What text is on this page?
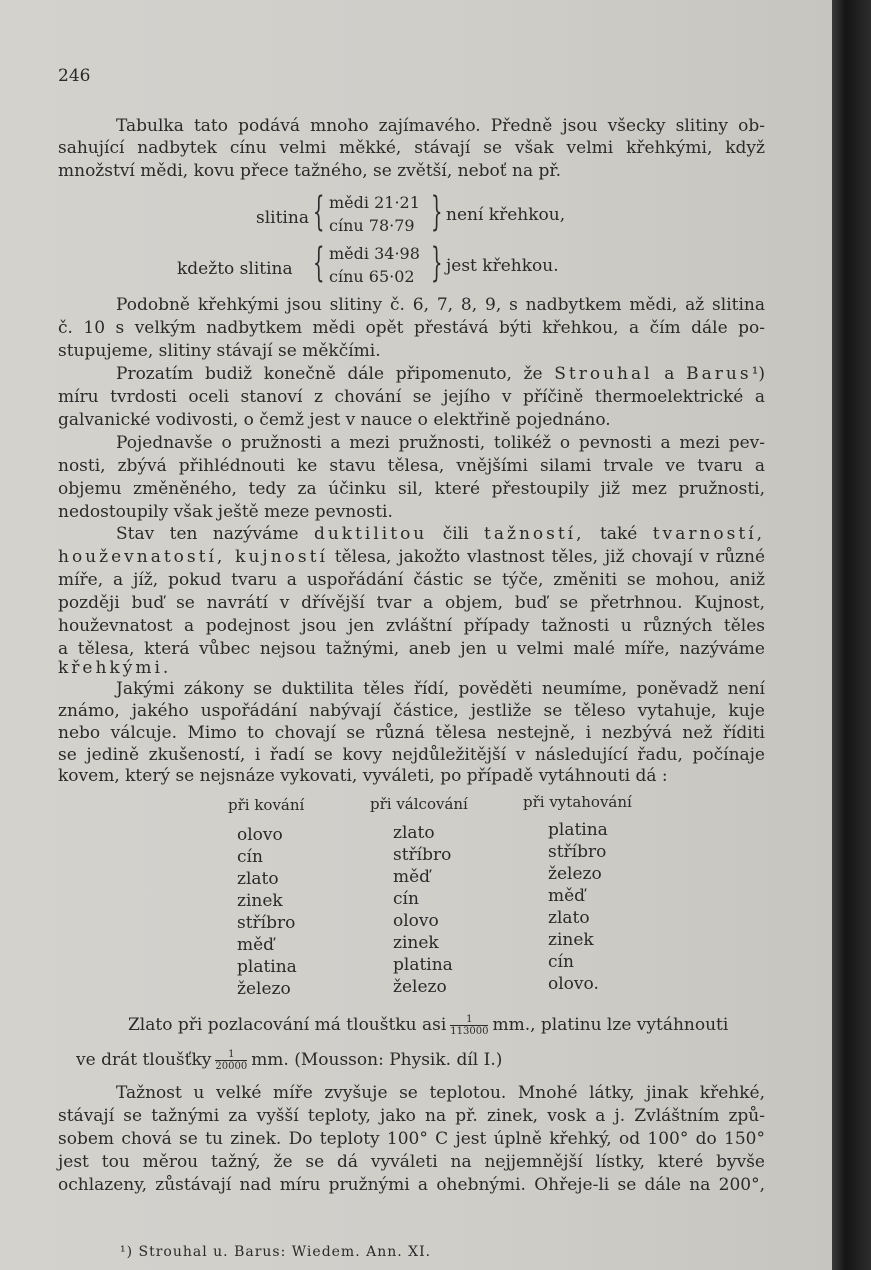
246
Tabulka tato podává mnoho zajímavého. Předně jsou všecky slitiny ob-
sahující nadbytek cínu velmi měkké, stávají se však velmi křehkými, když
množství mědi, kovu přece tažného, se zvětší, neboť na př.
slitina { mědi 21·21
cínu 78·79 } není křehkou,
kdežto slitina { mědi 34·98
cínu 65·02 } jest křehkou.
Podobně křehkými jsou slitiny č. 6, 7, 8, 9, s nadbytkem mědi, až slitina
č. 10 s velkým nadbytkem mědi opět přestává býti křehkou, a čím dále po-
stupujeme, slitiny stávají se měkčími.
Prozatím budiž konečně dále připomenuto, že Strouhal a Barus¹)
míru tvrdosti oceli stanoví z chování se jejího v příčině thermoelektrické a
galvanické vodivosti, o čemž jest v nauce o elektřině pojednáno.
Pojednavše o pružnosti a mezi pružnosti, tolikéž o pevnosti a mezi pev-
nosti, zbývá přihlédnouti ke stavu tělesa, vnějšími silami trvale ve tvaru a
objemu změněného, tedy za účinku sil, které přestoupily již mez pružnosti,
nedostoupily však ještě meze pevnosti.
Stav ten nazýváme duktilitou čili tažností, také tvarností,
houževnatostí, kujností tělesa, jakožto vlastnost těles, již chovají v různé
míře, a jíž, pokud tvaru a uspořádání částic se týče, změniti se mohou, aniž
později buď se navrátí v dřívější tvar a objem, buď se přetrhnou. Kujnost,
houževnatost a podejnost jsou jen zvláštní případy tažnosti u různých těles
a tělesa, která vůbec nejsou tažnými, aneb jen u velmi malé míře, nazýváme
křehkými.
Jakými zákony se duktilita těles řídí, pověděti neumíme, poněvadž není
známo, jakého uspořádání nabývají částice, jestliže se těleso vytahuje, kuje
nebo válcuje. Mimo to chovají se různá tělesa nestejně, i nezbývá než říditi
se jedině zkušeností, i řadí se kovy nejdůležitější v následující řadu, počínaje
kovem, který se nejsnáze vykovati, vyváleti, po případě vytáhnouti dá :
při kování	při válcování	při vytahování
olovo
cín
zlato
zinek
stříbro
měď
platina
železo
zlato
stříbro
měď
cín
olovo
zinek
platina
železo
platina
stříbro
železo
měď
zlato
zinek
cín
olovo.
Zlato při pozlacování má tlouštku asi $\frac{1}{113000}$ mm., platinu lze vytáhnouti
ve drát tloušťky $\frac{1}{20000}$ mm. (Mousson: Physik. díl I.)
Tažnost u velké míře zvyšuje se teplotou. Mnohé látky, jinak křehké,
stávají se tažnými za vyšší teploty, jako na př. zinek, vosk a j. Zvláštním způ-
sobem chová se tu zinek. Do teploty 100° C jest úplně křehký, od 100° do 150°
jest tou měrou tažný, že se dá vyváleti na nejjemnější lístky, které byvše
ochlazeny, zůstávají nad míru pružnými a ohebnými. Ohřeje-li se dále na 200°,
¹) Strouhal u. Barus: Wiedem. Ann. XI.
